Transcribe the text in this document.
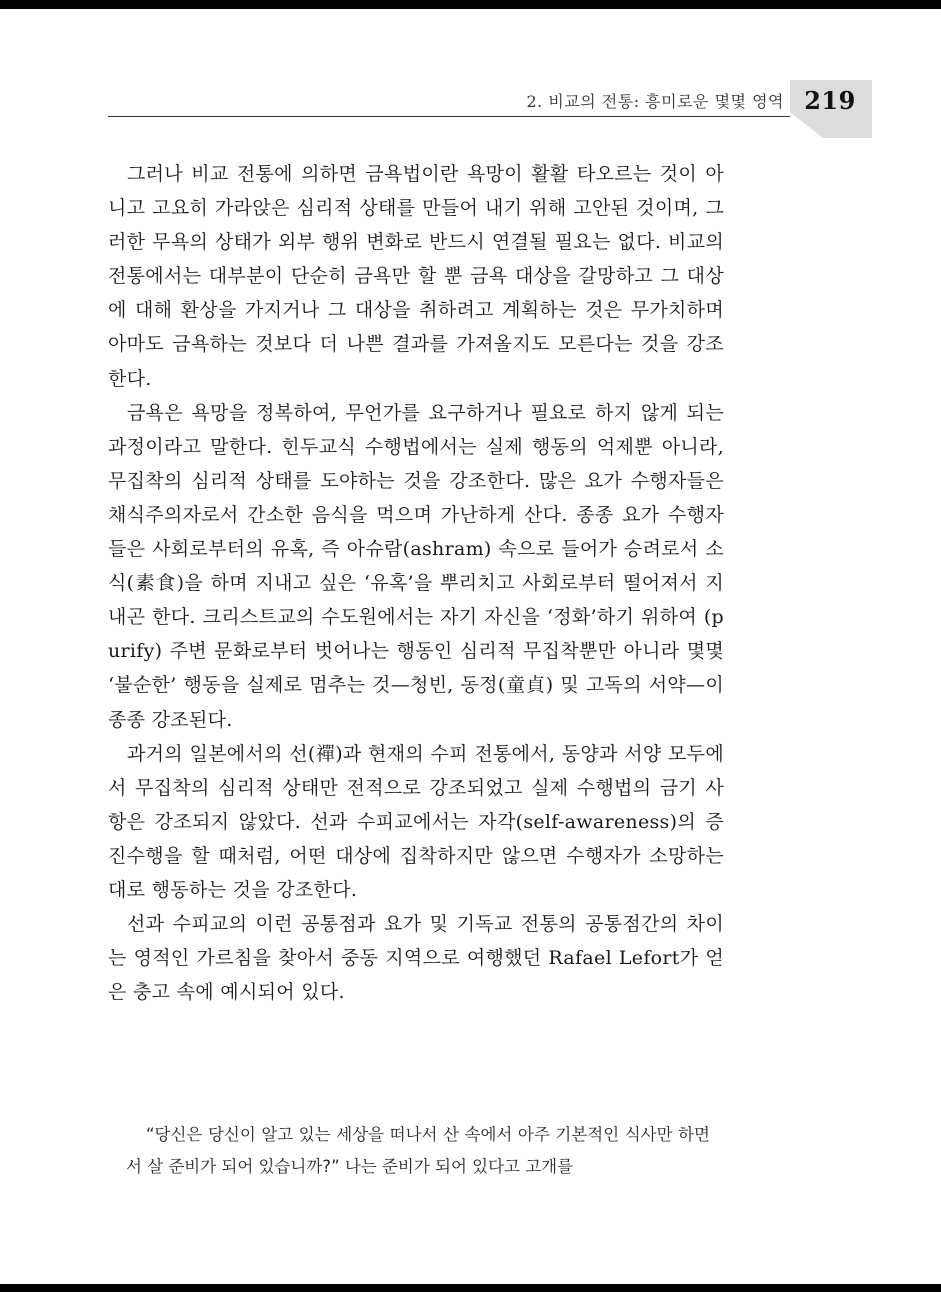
2. 비교의 전통: 흥미로운 몇몇 영역 219

그러나 비교 전통에 의하면 금욕법이란 욕망이 활활 타오르는 것이 아니고 고요히 가라앉은 심리적 상태를 만들어 내기 위해 고안된 것이며, 그러한 무욕의 상태가 외부 행위 변화로 반드시 연결될 필요는 없다. 비교의 전통에서는 대부분이 단순히 금욕만 할 뿐 금욕 대상을 갈망하고 그 대상에 대해 환상을 가지거나 그 대상을 취하려고 계획하는 것은 무가치하며 아마도 금욕하는 것보다 더 나쁜 결과를 가져올지도 모른다는 것을 강조한다.

금욕은 욕망을 정복하여, 무언가를 요구하거나 필요로 하지 않게 되는 과정이라고 말한다. 힌두교식 수행법에서는 실제 행동의 억제뿐 아니라, 무집착의 심리적 상태를 도야하는 것을 강조한다. 많은 요가 수행자들은 채식주의자로서 간소한 음식을 먹으며 가난하게 산다. 종종 요가 수행자들은 사회로부터의 유혹, 즉 아슈람(ashram) 속으로 들어가 승려로서 소식(素食)을 하며 지내고 싶은 ‘유혹’을 뿌리치고 사회로부터 떨어져서 지내곤 한다. 크리스트교의 수도원에서는 자기 자신을 ‘정화’하기 위하여 (purify) 주변 문화로부터 벗어나는 행동인 심리적 무집착뿐만 아니라 몇몇 ‘불순한’ 행동을 실제로 멈추는 것—청빈, 동정(童貞) 및 고독의 서약—이 종종 강조된다.

과거의 일본에서의 선(禪)과 현재의 수피 전통에서, 동양과 서양 모두에서 무집착의 심리적 상태만 전적으로 강조되었고 실제 수행법의 금기 사항은 강조되지 않았다. 선과 수피교에서는 자각(self-awareness)의 증진수행을 할 때처럼, 어떤 대상에 집착하지만 않으면 수행자가 소망하는 대로 행동하는 것을 강조한다.

선과 수피교의 이런 공통점과 요가 및 기독교 전통의 공통점간의 차이는 영적인 가르침을 찾아서 중동 지역으로 여행했던 Rafael Lefort가 얻은 충고 속에 예시되어 있다.

“당신은 당신이 알고 있는 세상을 떠나서 산 속에서 아주 기본적인 식사만 하면서 살 준비가 되어 있습니까?” 나는 준비가 되어 있다고 고개를
